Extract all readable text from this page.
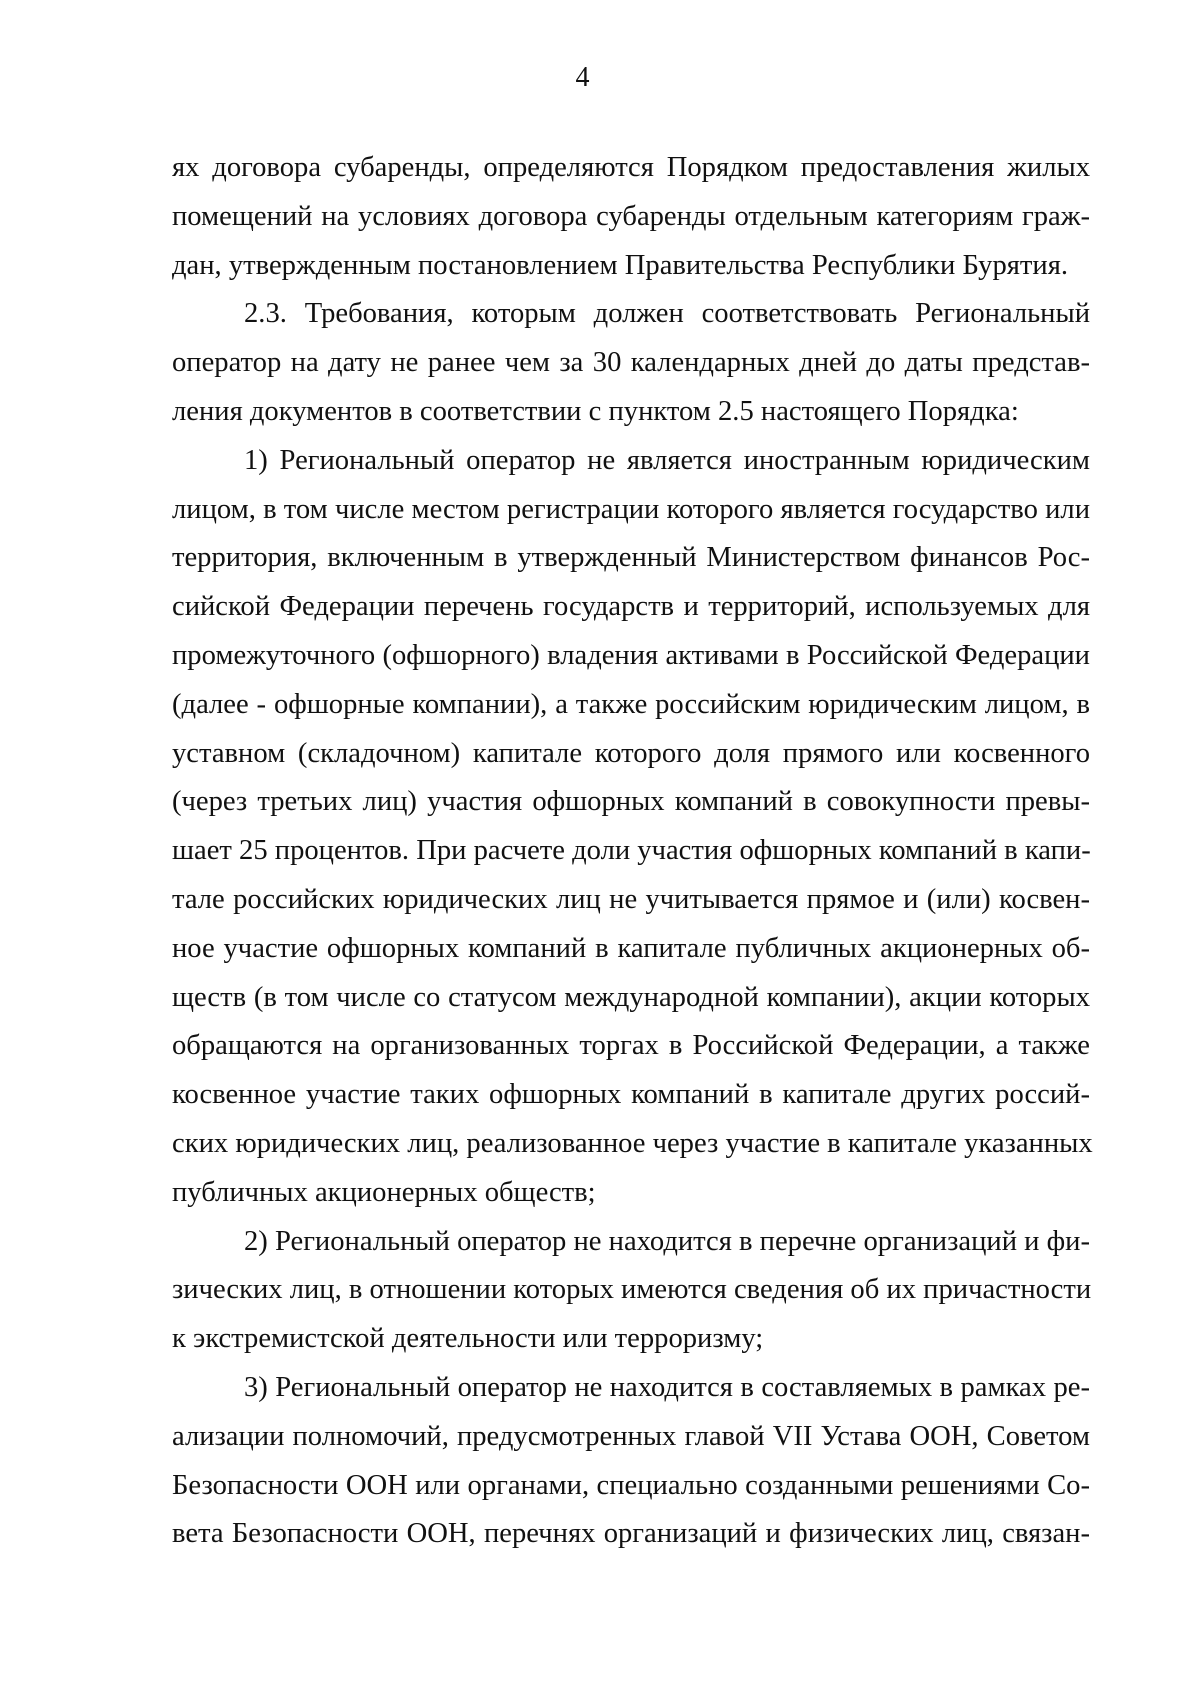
4
ях договора субаренды, определяются Порядком предоставления жилых
помещений на условиях договора субаренды отдельным категориям граж-
дан, утвержденным постановлением Правительства Республики Бурятия.
2.3. Требования, которым должен соответствовать Региональный
оператор на дату не ранее чем за 30 календарных дней до даты представ-
ления документов в соответствии с пунктом 2.5 настоящего Порядка:
1) Региональный оператор не является иностранным юридическим
лицом, в том числе местом регистрации которого является государство или
территория, включенным в утвержденный Министерством финансов Рос-
сийской Федерации перечень государств и территорий, используемых для
промежуточного (офшорного) владения активами в Российской Федерации
(далее - офшорные компании), а также российским юридическим лицом, в
уставном (складочном) капитале которого доля прямого или косвенного
(через третьих лиц) участия офшорных компаний в совокупности превы-
шает 25 процентов. При расчете доли участия офшорных компаний в капи-
тале российских юридических лиц не учитывается прямое и (или) косвен-
ное участие офшорных компаний в капитале публичных акционерных об-
ществ (в том числе со статусом международной компании), акции которых
обращаются на организованных торгах в Российской Федерации, а также
косвенное участие таких офшорных компаний в капитале других россий-
ских юридических лиц, реализованное через участие в капитале указанных
публичных акционерных обществ;
2) Региональный оператор не находится в перечне организаций и фи-
зических лиц, в отношении которых имеются сведения об их причастности
к экстремистской деятельности или терроризму;
3) Региональный оператор не находится в составляемых в рамках ре-
ализации полномочий, предусмотренных главой VII Устава ООН, Советом
Безопасности ООН или органами, специально созданными решениями Со-
вета Безопасности ООН, перечнях организаций и физических лиц, связан-
